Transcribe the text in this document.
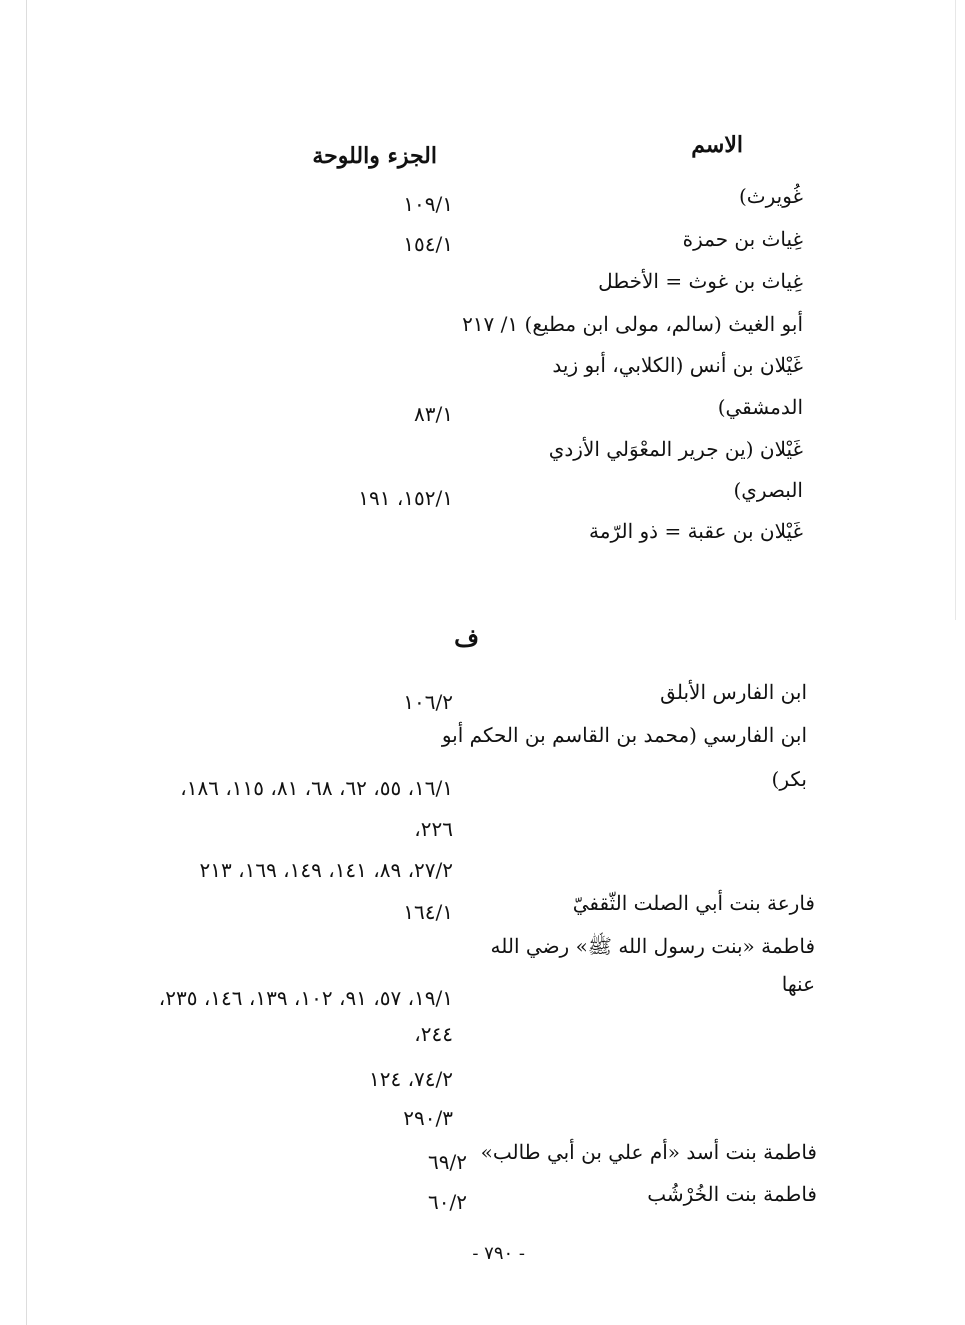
الاسم
الجزء واللوحة
غُويرث)
١٠٩/١
غِياث بن حمزة
١٥٤/١
غِياث بن غوث = الأخطل
أبو الغيث (سالم، مولى ابن مطيع) ١/ ٢١٧
غَيْلان بن أنس (الكلابي، أبو زيد
الدمشقي)
٨٣/١
غَيْلان (ين جرير المعْوَلي الأزدي
البصري)
١٥٢/١، ١٩١
غَيْلان بن عقبة = ذو الرّمة
ف
ابن الفارس الأبلق
١٠٦/٢
ابن الفارسي (محمد بن القاسم بن الحكم أبو
بكر)
١٦/١، ٥٥، ٦٢، ٦٨، ٨١، ١١٥، ١٨٦،
٢٢٦،
٢٧/٢، ٨٩، ١٤١، ١٤٩، ١٦٩، ٢١٣
فارعة بنت أبي الصلت الثّقفيّ
١٦٤/١
فاطمة «بنت رسول الله ﷺ» رضي الله
عنها
١٩/١، ٥٧، ٩١، ١٠٢، ١٣٩، ١٤٦، ٢٣٥،
٢٤٤،
٧٤/٢، ١٢٤
٢٩٠/٣
فاطمة بنت أسد «أم علي بن أبي طالب»
٦٩/٢
فاطمة بنت الخُرْشُب
٦٠/٢
- ٧٩٠ -
